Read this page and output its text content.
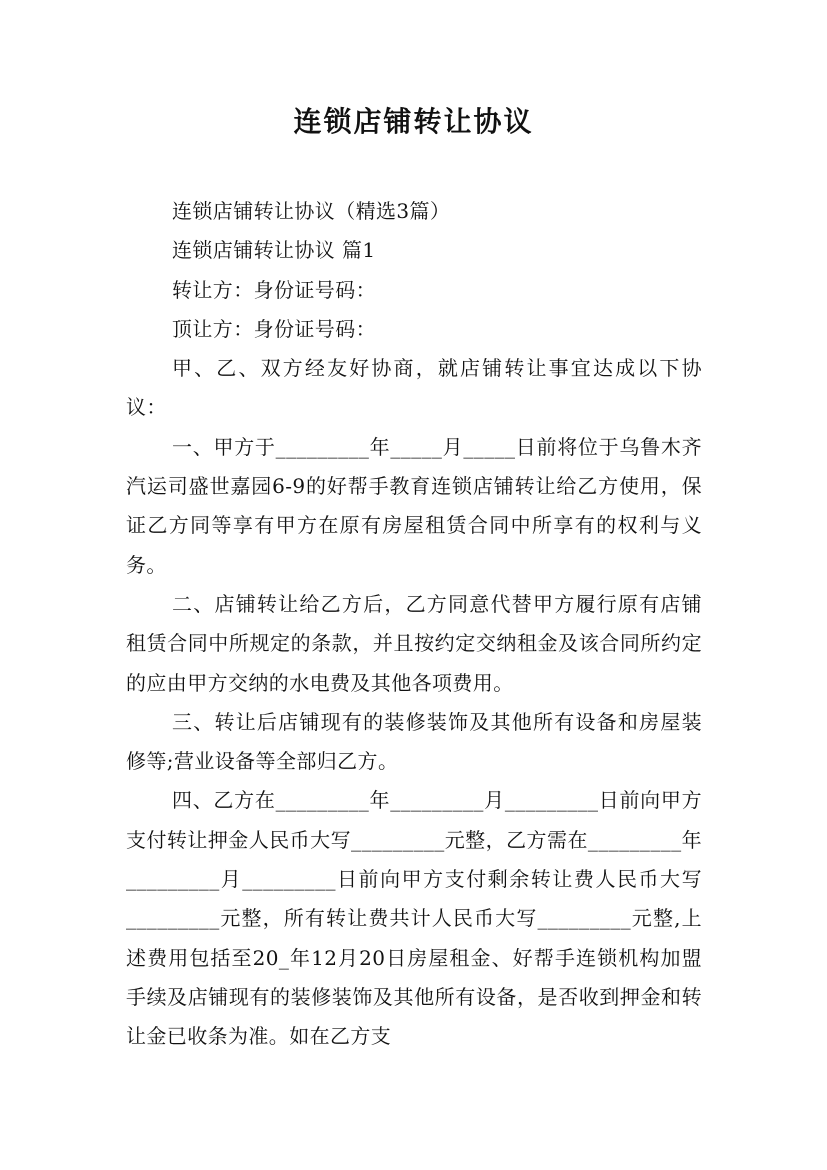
连锁店铺转让协议

连锁店铺转让协议（精选3篇）

连锁店铺转让协议 篇1

转让方：身份证号码：

顶让方：身份证号码：

甲、乙、双方经友好协商，就店铺转让事宜达成以下协议：

一、甲方于_________年_____月_____日前将位于乌鲁木齐汽运司盛世嘉园6-9的好帮手教育连锁店铺转让给乙方使用，保证乙方同等享有甲方在原有房屋租赁合同中所享有的权利与义务。

二、店铺转让给乙方后，乙方同意代替甲方履行原有店铺租赁合同中所规定的条款，并且按约定交纳租金及该合同所约定的应由甲方交纳的水电费及其他各项费用。

三、转让后店铺现有的装修装饰及其他所有设备和房屋装修等;营业设备等全部归乙方。

四、乙方在_________年_________月_________日前向甲方支付转让押金人民币大写_________元整，乙方需在_________年_________月_________日前向甲方支付剩余转让费人民币大写_________元整，所有转让费共计人民币大写_________元整,上述费用包括至20_年12月20日房屋租金、好帮手连锁机构加盟手续及店铺现有的装修装饰及其他所有设备，是否收到押金和转让金已收条为准。如在乙方支
